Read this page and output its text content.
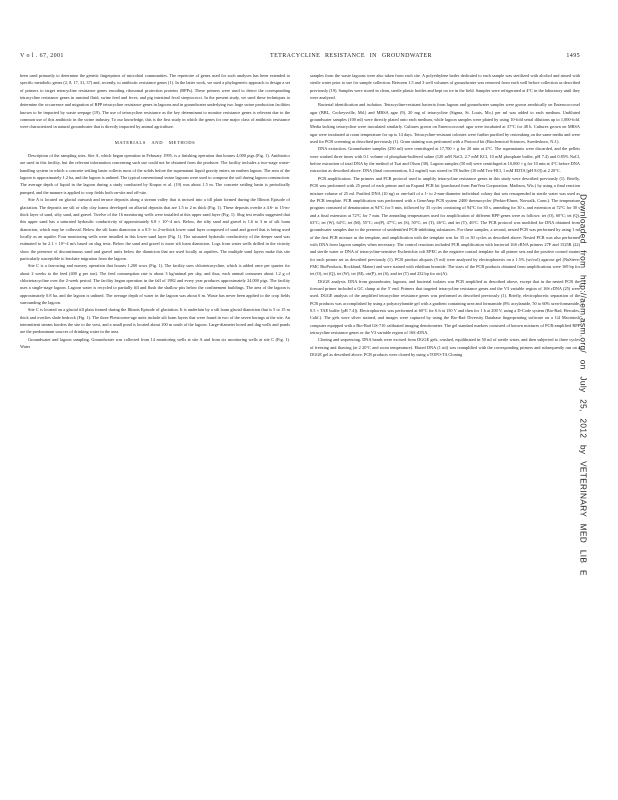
V o l . 67, 2001	TETRACYCLINE RESISTANCE IN GROUNDWATER	1495

been used primarily to determine the genetic fingerprints of microbial communities. The repertoire of genes used for such analyses has been extended to specific metabolic genes (2, 8, 17, 31, 37) and, recently, to antibiotic resistance genes (1). In the latter work, we used a phylogenetic approach to design a set of primers to target tetracycline resistance genes encoding ribosomal protection proteins (RPPs). These primers were used to detect the corresponding tetracycline resistance genes in ruminal fluid, swine feed and feces, and pig intestinal fecal streptococci. In the present study, we used these techniques to determine the occurrence and migration of RPP tetracycline resistance genes in lagoons and in groundwater underlying two large swine production facilities known to be impacted by waste seepage (19). The use of tetracycline resistance as the key determinant to monitor resistance genes is relevant due to the common use of this antibiotic in the swine industry. To our knowledge, this is the first study in which the genes for one major class of antibiotic resistance were characterized in natural groundwater that is directly impacted by animal agriculture.

MATERIALS AND METHODS

Description of the sampling sites. Site A, which began operation in February 1995, is a finishing operation that houses 4,000 pigs (Fig. 1). Antibiotics are used in this facility, but the relevant information concerning such use could not be obtained from the producer. The facility includes a two-stage waste-handling system in which a concrete settling basin collects most of the solids before the supernatant liquid gravity enters an earthen lagoon. The area of the lagoon is approximately 1.2 ha, and the lagoon is unlined. The typical conventional swine lagoons were used to compose the soil during lagoon construction. The average depth of liquid in the lagoon during a study conducted by Krapac et al. (19) was about 1.5 m. The concrete settling basin is periodically pumped, and the manure is applied to crop fields both on-site and off-site.

Site A is located on glacial outwash and terrace deposits along a stream valley that is incised into a till plain formed during the Illinois Episode of glaciation. The deposits are silt or silty clay loams developed on alluvial deposits that are 1.5 to 2 m thick (Fig. 1). These deposits overlie a 4.6- to 15-m-thick layer of sand, silty sand, and gravel. Twelve of the 16 monitoring wells were installed at this upper sand layer (Fig. 1). Slug test results suggested that this upper sand has a saturated hydraulic conductivity of approximately 6.8 × 10^-4 m/s. Below, the silty sand and gravel is 1.6 to 3 m of silt loam diamicton, which may be colluvial. Below the silt loam diamicton is a 0.5- to 2-m-thick lower sand layer composed of sand and gravel that is being used locally as an aquifer. Four monitoring wells were installed in this lower sand layer (Fig. 1). The saturated hydraulic conductivity of the deeper sand was estimated to be 2.1 × 10^-4 m/s based on slug tests. Below the sand and gravel is more silt loam diamicton. Logs from water wells drilled in the vicinity show the presence of discontinuous sand and gravel units below the diamicton that are used locally as aquifers. The multiple sand layers make this site particularly susceptible to leachate migration from the lagoon.

Site C is a farrowing and nursery operation that houses 1,200 sows (Fig. 1). The facility uses chlortetracycline, which is added once per quarter for about 2 weeks to the feed (400 g per ton). The feed consumption rate is about 3 kg/animal per day, and thus, each animal consumes about 1.2 g of chlortetracycline over the 2-week period. The facility began operation in the fall of 1982 and every year produces approximately 24,000 pigs. The facility uses a single-stage lagoon. Lagoon water is recycled to partially fill and flush the shallow pits below the confinement buildings. The area of the lagoon is approximately 0.8 ha, and the lagoon is unlined. The average depth of water in the lagoon was about 6 m. Waste has never been applied to the crop fields surrounding the lagoon.

Site C is located on a glacial till plain formed during the Illinois Episode of glaciation. It is underlain by a silt loam glacial diamicton that is 5 to 15 m thick and overlies shale bedrock (Fig. 1). The three Pleistocene-age units include silt loam layers that were found in two of the seven borings at the site. An intermittent stream borders the site to the west, and a small pond is located about 100 m south of the lagoon. Large-diameter bored and dug wells and ponds are the predominant sources of drinking water in the area.

Groundwater and lagoon sampling. Groundwater was collected from 14 monitoring wells at site A and from six monitoring wells at site C (Fig. 1). Water

samples from the waste lagoons were also taken from each site. A polyethylene bailer dedicated to each sample was sterilized with alcohol and rinsed with sterile water prior to use for sample collection. Between 1.5 and 3 well volumes of groundwater was removed from each well before collection as described previously (19). Samples were stored in clean, sterile plastic bottles and kept on ice in the field. Samples were refrigerated at 4°C in the laboratory until they were analyzed.

Bacterial identification and isolation. Tetracycline-resistant bacteria from lagoon and groundwater samples were grown aerobically on Enterococcosel agar (BBL, Cockeysville, Md.) and MRSA agar (9), 20 mg of tetracycline (Sigma, St. Louis, Mo.) per ml was added to each medium. Undiluted groundwater samples (100 ml) were directly plated onto each medium, while lagoon samples were plated by using 10-fold serial dilutions up to 1,000-fold. Media lacking tetracycline were inoculated similarly. Cultures grown on Enterococcosel agar were incubated at 37°C for 48 h. Cultures grown on MRSA agar were incubated at room temperature for up to 14 days. Tetracycline-resistant colonies were further purified by restreaking on the same media and were used for PCR screening as described previously (1). Gram staining was performed with a Protocol kit (Biochemical Sciences, Swedesboro, N.J.).

DNA extraction. Groundwater samples (250 ml) were centrifuged at 17,700 × g for 20 min at 4°C. The supernatants were discarded, and the pellets were washed three times with 0.1 volume of phosphate-buffered saline (120 mM NaCl, 2.7 mM KCl, 10 mM phosphate buffer, pH 7.4) and 0.85% NaCl, before extraction of total DNA by the method of Tsai and Olson (38). Lagoon samples (50 ml) were centrifuged at 10,000 × g for 10 min at 4°C before DNA extraction as described above. DNA (final concentration, 0.2 mg/ml) was stored in TE buffer (10 mM Tris-HCl, 1 mM EDTA [pH 8.0]) at 2 20°C.

PCR amplification. The primers and PCR protocol used to amplify tetracycline resistance genes in this study were described previously (1). Briefly, PCR was performed with 25 pmol of each primer and an Expand PCR kit (purchased from PanVera Corporation, Madison, Wis.) by using a final reaction mixture volume of 25 ml. Purified DNA (10 ng) or one-half of a 1- to 2-mm-diameter individual colony that was resuspended in sterile water was used as the PCR template. PCR amplification was performed with a GeneAmp PCR system 2400 thermocycler (Perkin-Elmer, Norwalk, Conn.). The temperature program consisted of denaturation at 94°C for 5 min, followed by 35 cycles consisting of 94°C for 30 s, annealing for 30 s, and extension at 72°C for 30 s and a final extension at 72°C for 7 min. The annealing temperatures used for amplification of different RPP genes were as follows: tet (O), 60°C; tet (Q), 63°C; tet (W), 64°C; tet (M), 55°C; otr(P), 47°C; tet (S), 50°C; tet (T), 46°C; and tet (T), 46°C. The PCR protocol was modified for DNA obtained from groundwater samples due to the presence of unidentified PCR-inhibiting substances. For these samples, a second, nested PCR was performed by using 1 ml of the first PCR mixture as the template, and amplification with the template was for 35 or 30 cycles as described above. Nested PCR was also performed with DNA from lagoon samples when necessary. The control reactions included PCR amplification with bacterial 16S rRNA primers 27F and 1525R (22) and sterile water or DNA of tetracycline-sensitive Escherichia coli EPEC as the negative control template for all primer sets and the positive control strains for each primer set as described previously (1). PCR product aliquots (5 ml) were analyzed by electrophoresis on a 1.5% (wt/vol) agarose gel (NuSieve; FMC BioProducts, Rockland, Maine) and were stained with ethidium bromide. The sizes of the PCR products obtained from amplifications were 169 bp for tet (O), tet (Q), tet (W), tet (M), otr(P), tet (S), and tet (T) and 232 bp for otr(A).

DGGE analysis. DNA from groundwater, lagoons, and bacterial isolates was PCR amplified as described above, except that in the nested PCR the forward primer included a GC clamp at the 5′ end. Primers that targeted tetracycline resistance genes and the V3 variable region of 16S rDNA (25) were used. DGGE analysis of the amplified tetracycline resistance genes was performed as described previously (1). Briefly, electrophoretic separation of the PCR products was accomplished by using a polyacrylamide gel with a gradient containing urea and formamide (8% acrylamide, 50 to 60% urea-formamide, 0.5 × TAE buffer [pH 7.4]). Electrophoresis was performed at 60°C for 6 h at 150 V and then for 1 h at 200 V, using a D-Code system (Bio-Rad, Hercules, Calif.). The gels were silver stained, and images were captured by using the Bio-Rad Diversity Database fingerprinting software on a G4 Macintosh computer equipped with a Bio-Rad GS-710 calibrated imaging densitometer. The gel standard markers consisted of known mixtures of PCR-amplified RPP tetracycline resistance genes or the V3 variable region of 16S rDNA.

Cloning and sequencing. DNA bands were excised from DGGE gels, crushed, equilibrated in 50 ml of sterile water, and then subjected to three cycles of freezing and thawing (at 2 20°C and room temperature). Eluted DNA (1 ml) was reamplified with the corresponding primers and subsequently run on a DGGE gel as described above. PCR products were cloned by using a TOPO-TA Cloning	Downloaded from http://aem.asm.org/ on July 25, 2012 by VETERINARY MED LIB E
